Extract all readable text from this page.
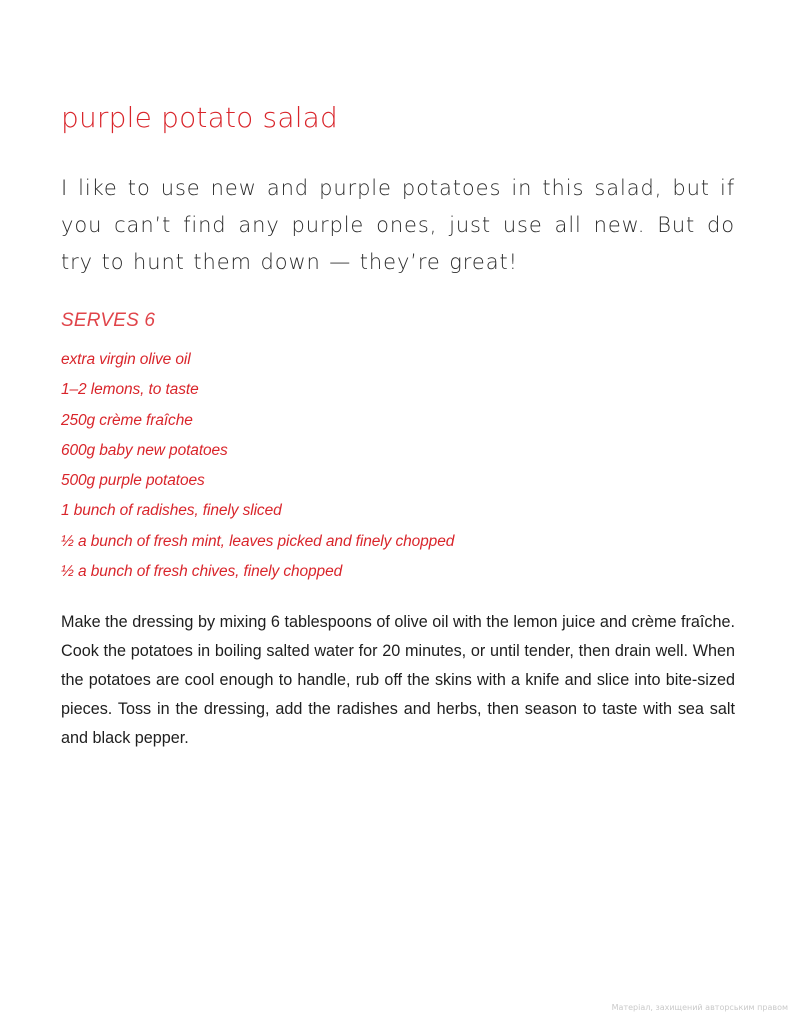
purple potato salad

I like to use new and purple potatoes in this salad, but if you can’t find any purple ones, just use all new. But do try to hunt them down — they’re great!

SERVES 6

extra virgin olive oil
1–2 lemons, to taste
250g crème fraîche
600g baby new potatoes
500g purple potatoes
1 bunch of radishes, finely sliced
½ a bunch of fresh mint, leaves picked and finely chopped
½ a bunch of fresh chives, finely chopped

Make the dressing by mixing 6 tablespoons of olive oil with the lemon juice and crème fraîche. Cook the potatoes in boiling salted water for 20 minutes, or until tender, then drain well. When the potatoes are cool enough to handle, rub off the skins with a knife and slice into bite-sized pieces. Toss in the dressing, add the radishes and herbs, then season to taste with sea salt and black pepper.

Матеріал, захищений авторським правом
